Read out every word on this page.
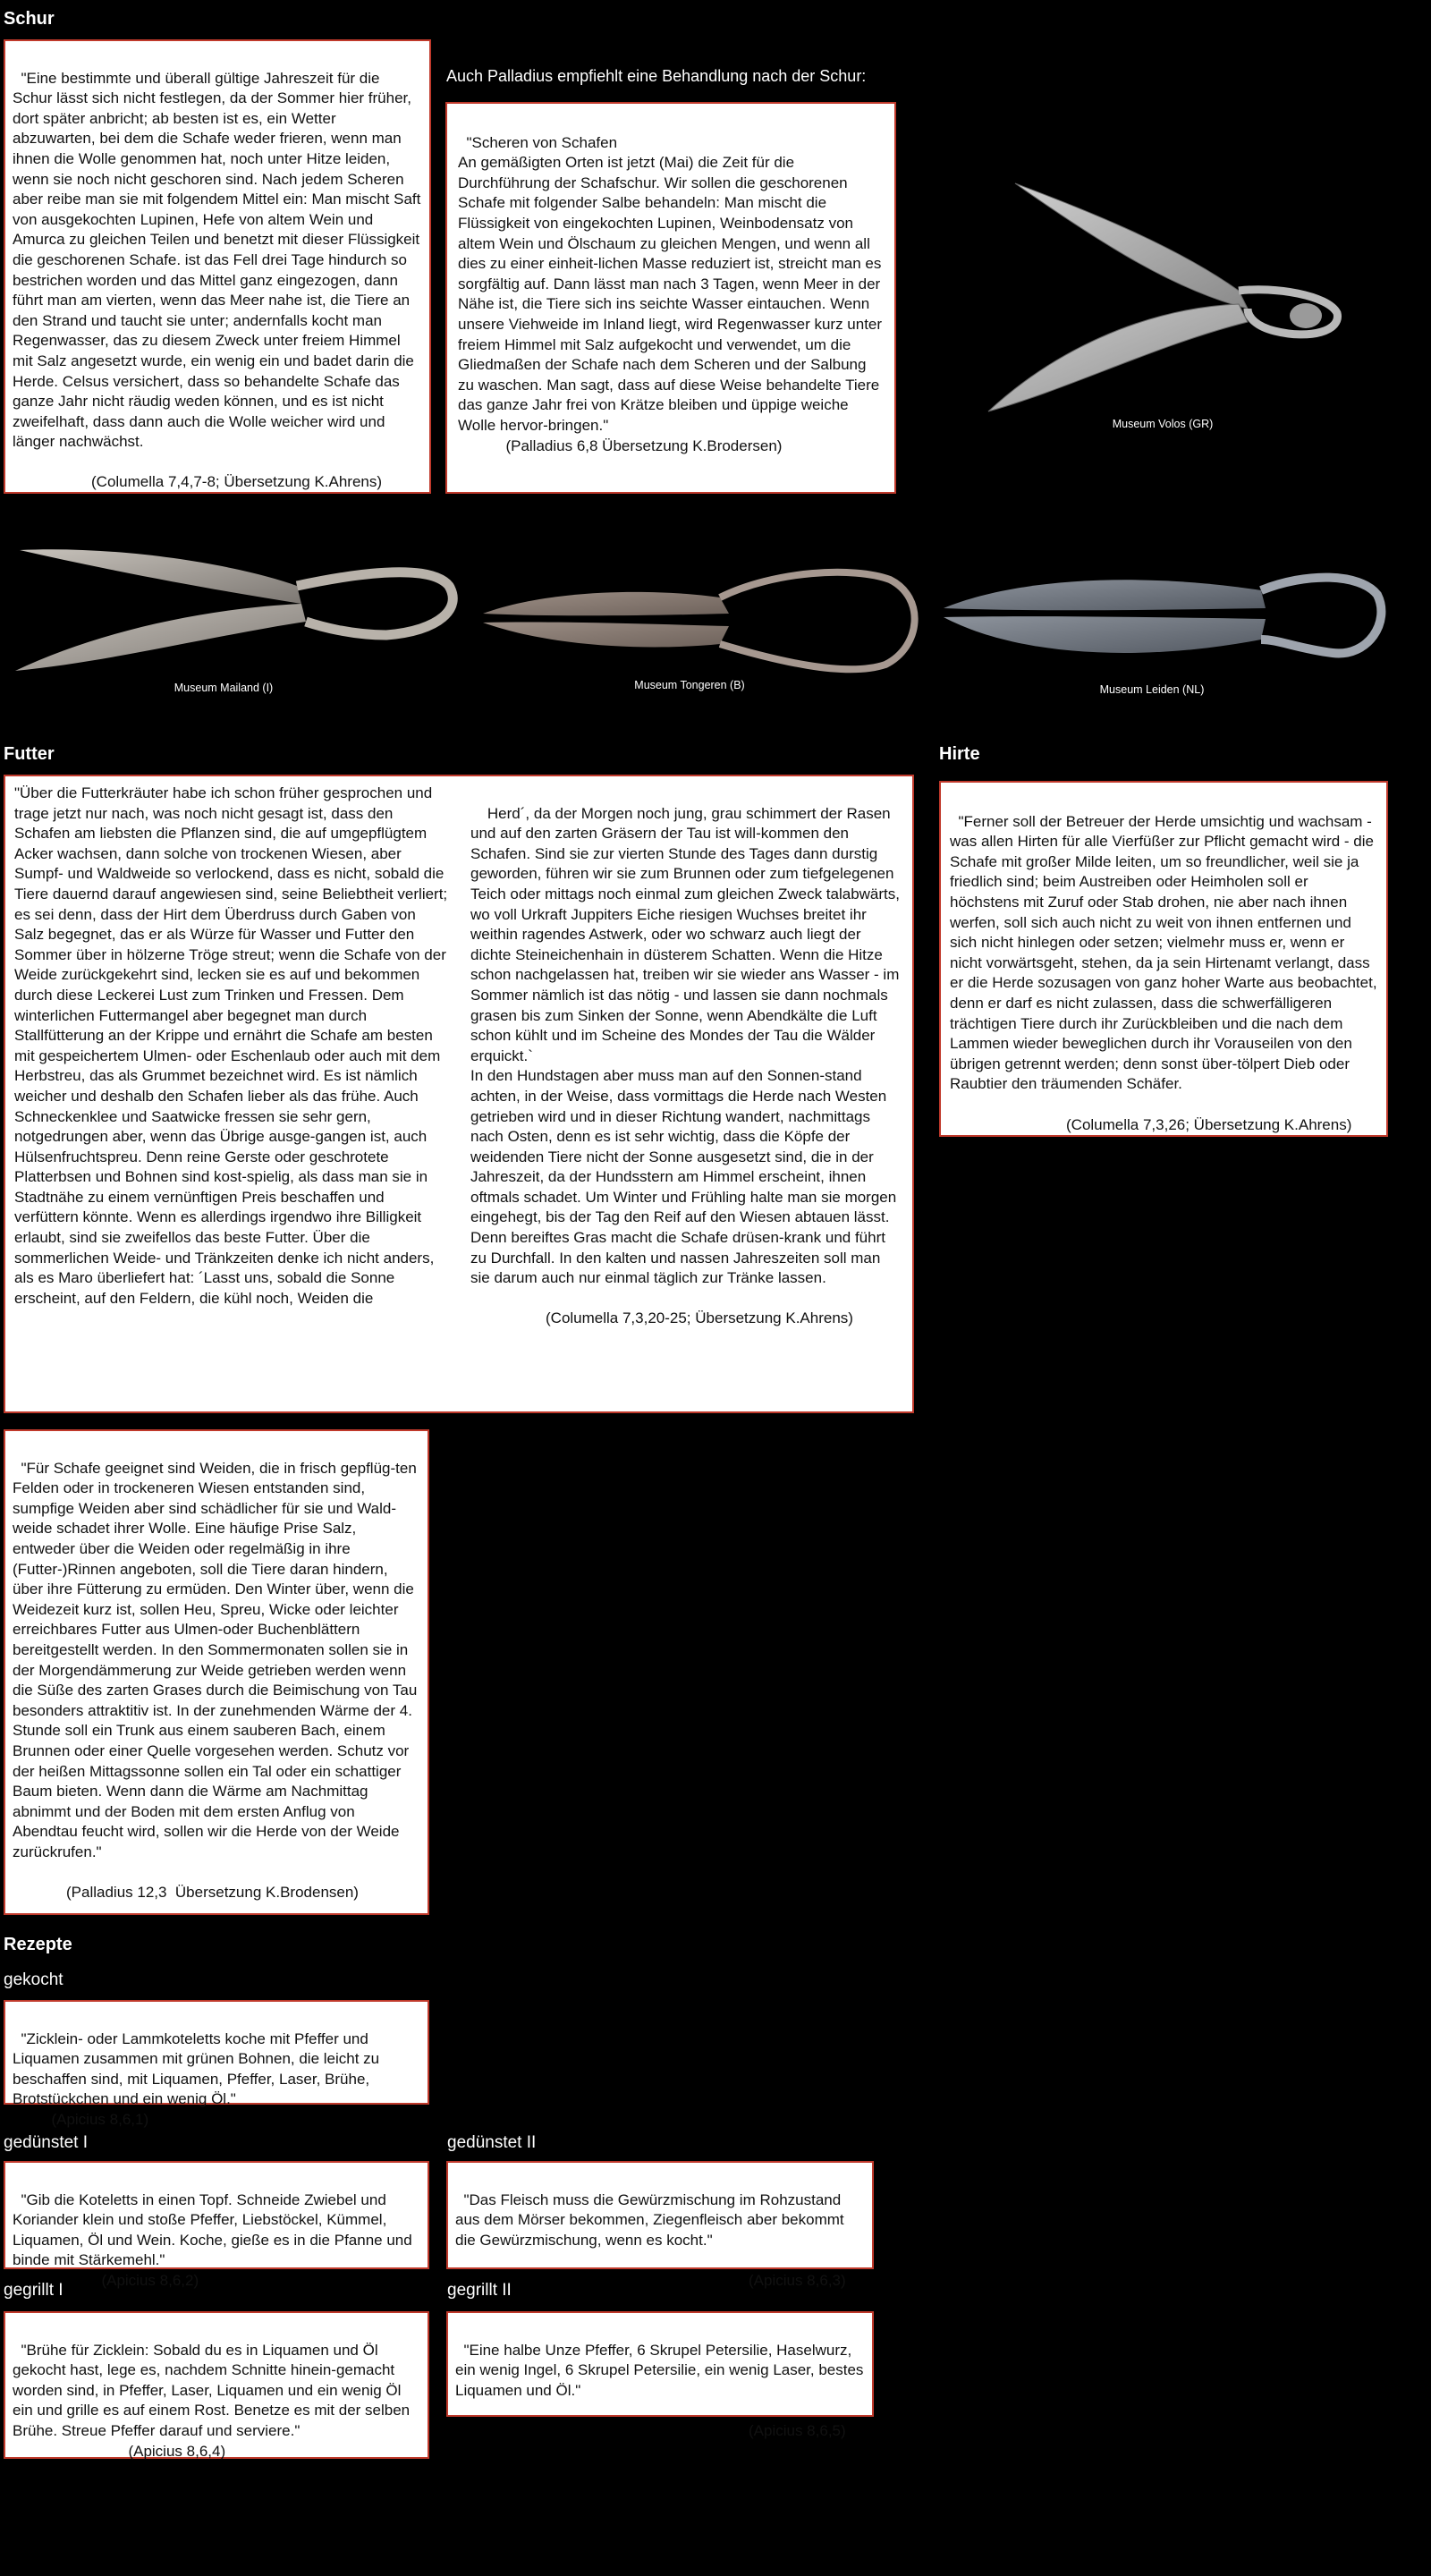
Schur

"Eine bestimmte und überall gültige Jahreszeit für die Schur lässt sich nicht festlegen, da der Sommer hier früher, dort später anbricht; ab besten ist es, ein Wetter abzuwarten, bei dem die Schafe weder frieren, wenn man ihnen die Wolle genommen hat, noch unter Hitze leiden, wenn sie noch nicht geschoren sind. Nach jedem Scheren aber reibe man sie mit folgendem Mittel ein: Man mischt Saft von ausgekochten Lupinen, Hefe von altem Wein und Amurca zu gleichen Teilen und benetzt mit dieser Flüssigkeit die geschorenen Schafe. ist das Fell drei Tage hindurch so bestrichen worden und das Mittel ganz eingezogen, dann führt man am vierten, wenn das Meer nahe ist, die Tiere an den Strand und taucht sie unter; andernfalls kocht man Regenwasser, das zu diesem Zweck unter freiem Himmel mit Salz angesetzt wurde, ein wenig ein und badet darin die Herde. Celsus versichert, dass so behandelte Schafe das ganze Jahr nicht räudig weden können, und es ist nicht zweifelhaft, dass dann auch die Wolle weicher wird und länger nachwächst.

(Columella 7,4,7-8; Übersetzung K.Ahrens)

Auch Palladius empfiehlt eine Behandlung nach der Schur:

"Scheren von Schafen
An gemäßigten Orten ist jetzt (Mai) die Zeit für die Durchführung der Schafschur. Wir sollen die geschorenen Schafe mit folgender Salbe behandeln: Man mischt die Flüssigkeit von eingekochten Lupinen, Weinbodensatz von altem Wein und Ölschaum zu gleichen Mengen, und wenn all dies zu einer einheit-lichen Masse reduziert ist, streicht man es sorgfältig auf. Dann lässt man nach 3 Tagen, wenn Meer in der Nähe ist, die Tiere sich ins seichte Wasser eintauchen. Wenn unsere Viehweide im Inland liegt, wird Regenwasser kurz unter freiem Himmel mit Salz aufgekocht und verwendet, um die Gliedmaßen der Schafe nach dem Scheren und der Salbung zu waschen. Man sagt, dass auf diese Weise behandelte Tiere das ganze Jahr frei von Krätze bleiben und üppige weiche Wolle hervor-bringen."
(Palladius 6,8 Übersetzung K.Brodersen)

Museum Volos (GR)
Museum Mailand (I)	Museum Tongeren (B)	Museum Leiden (NL)
Futter

"Über die Futterkräuter habe ich schon früher gesprochen und trage jetzt nur nach, was noch nicht gesagt ist, dass den Schafen am liebsten die Pflanzen sind, die auf umgepflügtem Acker wachsen, dann solche von trockenen Wiesen, aber Sumpf- und Waldweide so verlockend, dass es nicht, sobald die Tiere dauernd darauf angewiesen sind, seine Beliebtheit verliert; es sei denn, dass der Hirt dem Überdruss durch Gaben von Salz begegnet, das er als Würze für Wasser und Futter den Sommer über in hölzerne Tröge streut; wenn die Schafe von der Weide zurückgekehrt sind, lecken sie es auf und bekommen durch diese Leckerei Lust zum Trinken und Fressen. Dem winterlichen Futtermangel aber begegnet man durch Stallfütterung an der Krippe und ernährt die Schafe am besten mit gespeichertem Ulmen- oder Eschenlaub oder auch mit dem Herbstreu, das als Grummet bezeichnet wird. Es ist nämlich weicher und deshalb den Schafen lieber als das frühe. Auch Schneckenklee und Saatwicke fressen sie sehr gern, notgedrungen aber, wenn das Übrige ausge-gangen ist, auch Hülsenfruchtspreu. Denn reine Gerste oder geschrotete Platterbsen und Bohnen sind kost-spielig, als dass man sie in Stadtnähe zu einem vernünftigen Preis beschaffen und verfüttern könnte. Wenn es allerdings irgendwo ihre Billigkeit erlaubt, sind sie zweifellos das beste Futter. Über die sommerlichen Weide- und Tränkzeiten denke ich nicht anders, als es Maro überliefert hat: ´Lasst uns, sobald die Sonne erscheint, auf den Feldern, die kühl noch, Weiden die

Herd´, da der Morgen noch jung, grau schimmert der Rasen und auf den zarten Gräsern der Tau ist will-kommen den Schafen. Sind sie zur vierten Stunde des Tages dann durstig geworden, führen wir sie zum Brunnen oder zum tiefgelegenen Teich oder mittags noch einmal zum gleichen Zweck talabwärts, wo voll Urkraft Juppiters Eiche riesigen Wuchses breitet ihr weithin ragendes Astwerk, oder wo schwarz auch liegt der dichte Steineichenhain in düsterem Schatten. Wenn die Hitze schon nachgelassen hat, treiben wir sie wieder ans Wasser - im Sommer nämlich ist das nötig - und lassen sie dann nochmals grasen bis zum Sinken der Sonne, wenn Abendkälte die Luft schon kühlt und im Scheine des Mondes der Tau die Wälder erquickt.`
In den Hundstagen aber muss man auf den Sonnen-stand achten, in der Weise, dass vormittags die Herde nach Westen getrieben wird und in dieser Richtung wandert, nachmittags nach Osten, denn es ist sehr wichtig, dass die Köpfe der weidenden Tiere nicht der Sonne ausgesetzt sind, die in der Jahreszeit, da der Hundsstern am Himmel erscheint, ihnen oftmals schadet. Um Winter und Frühling halte man sie morgen eingehegt, bis der Tag den Reif auf den Wiesen abtauen lässt. Denn bereiftes Gras macht die Schafe drüsen-krank und führt zu Durchfall. In den kalten und nassen Jahreszeiten soll man sie darum auch nur einmal täglich zur Tränke lassen.

(Columella 7,3,20-25; Übersetzung K.Ahrens)

"Für Schafe geeignet sind Weiden, die in frisch gepflüg-ten Felden oder in trockeneren Wiesen entstanden sind, sumpfige Weiden aber sind schädlicher für sie und Wald-weide schadet ihrer Wolle. Eine häufige Prise Salz, entweder über die Weiden oder regelmäßig in ihre (Futter-)Rinnen angeboten, soll die Tiere daran hindern, über ihre Fütterung zu ermüden. Den Winter über, wenn die Weidezeit kurz ist, sollen Heu, Spreu, Wicke oder leichter erreichbares Futter aus Ulmen-oder Buchenblättern bereitgestellt werden. In den Sommermonaten sollen sie in der Morgendämmerung zur Weide getrieben werden wenn die Süße des zarten Grases durch die Beimischung von Tau besonders attraktitiv ist. In der zunehmenden Wärme der 4. Stunde soll ein Trunk aus einem sauberen Bach, einem Brunnen oder einer Quelle vorgesehen werden. Schutz vor der heißen Mittagssonne sollen ein Tal oder ein schattiger Baum bieten. Wenn dann die Wärme am Nachmittag abnimmt und der Boden mit dem ersten Anflug von Abendtau feucht wird, sollen wir die Herde von der Weide zurückrufen."

(Palladius 12,3  Übersetzung K.Brodensen)

Hirte

"Ferner soll der Betreuer der Herde umsichtig und wachsam - was allen Hirten für alle Vierfüßer zur Pflicht gemacht wird - die Schafe mit großer Milde leiten, um so freundlicher, weil sie ja friedlich sind; beim Austreiben oder Heimholen soll er höchstens mit Zuruf oder Stab drohen, nie aber nach ihnen werfen, soll sich auch nicht zu weit von ihnen entfernen und sich nicht hinlegen oder setzen; vielmehr muss er, wenn er nicht vorwärtsgeht, stehen, da ja sein Hirtenamt verlangt, dass er die Herde sozusagen von ganz hoher Warte aus beobachtet, denn er darf es nicht zulassen, dass die schwerfälligeren trächtigen Tiere durch ihr Zurückbleiben und die nach dem Lammen wieder beweglichen durch ihr Vorauseilen von den übrigen getrennt werden; denn sonst über-tölpert Dieb oder Raubtier den träumenden Schäfer.

(Columella 7,3,26; Übersetzung K.Ahrens)

Rezepte
gekocht

"Zicklein- oder Lammkoteletts koche mit Pfeffer und Liquamen zusammen mit grünen Bohnen, die leicht zu beschaffen sind, mit Liquamen, Pfeffer, Laser, Brühe, Brotstückchen und ein wenig Öl."
(Apicius 8,6,1)

gedünstet I

"Gib die Koteletts in einen Topf. Schneide Zwiebel und Koriander klein und stoße Pfeffer, Liebstöckel, Kümmel, Liquamen, Öl und Wein. Koche, gieße es in die Pfanne und binde mit Stärkemehl."
(Apicius 8,6,2)

gedünstet II

"Das Fleisch muss die Gewürzmischung im Rohzustand aus dem Mörser bekommen, Ziegenfleisch aber bekommt die Gewürzmischung, wenn es kocht."

(Apicius 8,6,3)

gegrillt I

"Brühe für Zicklein: Sobald du es in Liquamen und Öl gekocht hast, lege es, nachdem Schnitte hinein-gemacht worden sind, in Pfeffer, Laser, Liquamen und ein wenig Öl ein und grille es auf einem Rost. Benetze es mit der selben Brühe. Streue Pfeffer darauf und serviere."
(Apicius 8,6,4)

gegrillt II

"Eine halbe Unze Pfeffer, 6 Skrupel Petersilie, Haselwurz, ein wenig Ingel, 6 Skrupel Petersilie, ein wenig Laser, bestes Liquamen und Öl."

(Apicius 8,6,5)
